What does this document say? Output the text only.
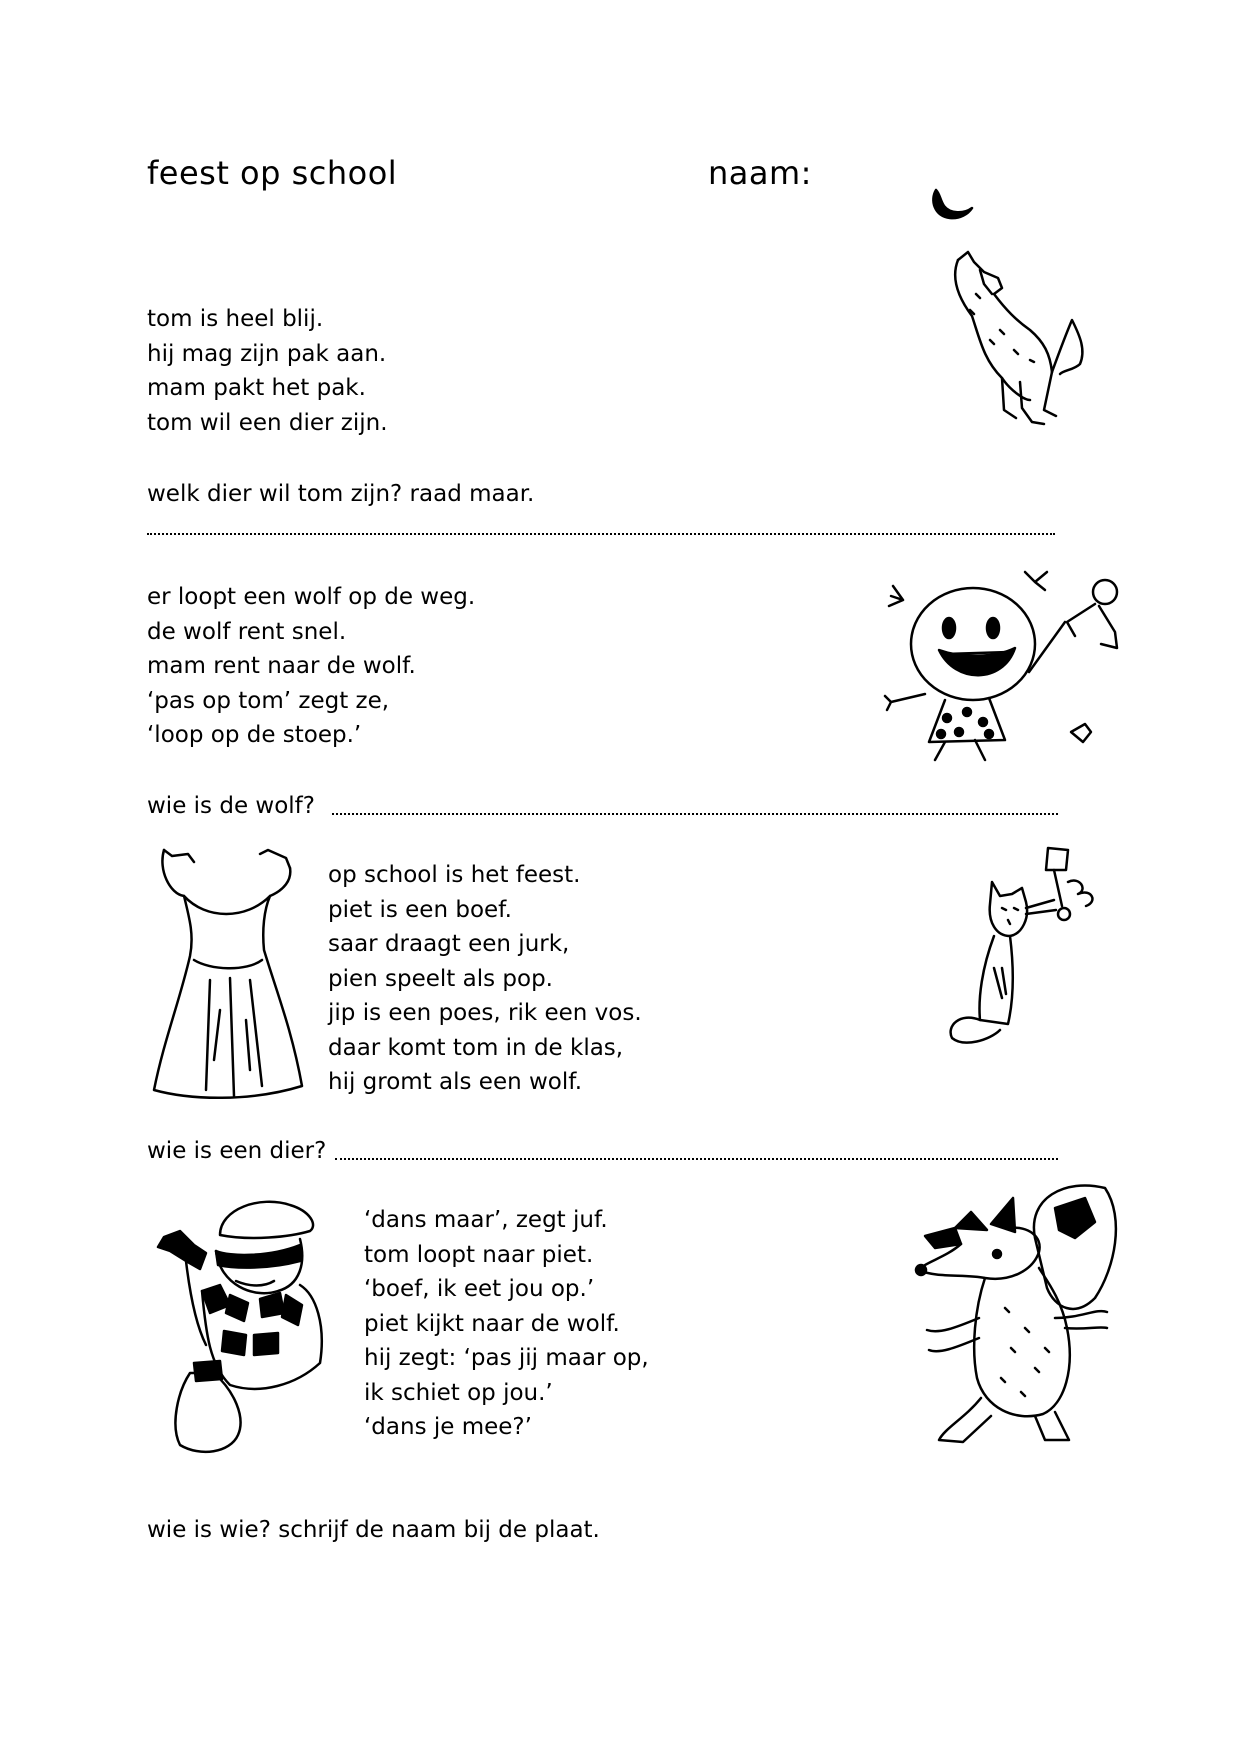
feest op school	naam:
tom is heel blij.
hij mag zijn pak aan.
mam pakt het pak.
tom wil een dier zijn.
welk dier wil tom zijn? raad maar.
er loopt een wolf op de weg.
de wolf rent snel.
mam rent naar de wolf.
‘pas op tom’ zegt ze,
‘loop op de stoep.’
wie is de wolf?
op school is het feest.
piet is een boef.
saar draagt een jurk,
pien speelt als pop.
jip is een poes, rik een vos.
daar komt tom in de klas,
hij gromt als een wolf.
wie is een dier?
‘dans maar’, zegt juf.
tom loopt naar piet.
‘boef, ik eet jou op.’
piet kijkt naar de wolf.
hij zegt: ‘pas jij maar op,
ik schiet op jou.’
‘dans je mee?’
wie is wie? schrijf de naam bij de plaat.
